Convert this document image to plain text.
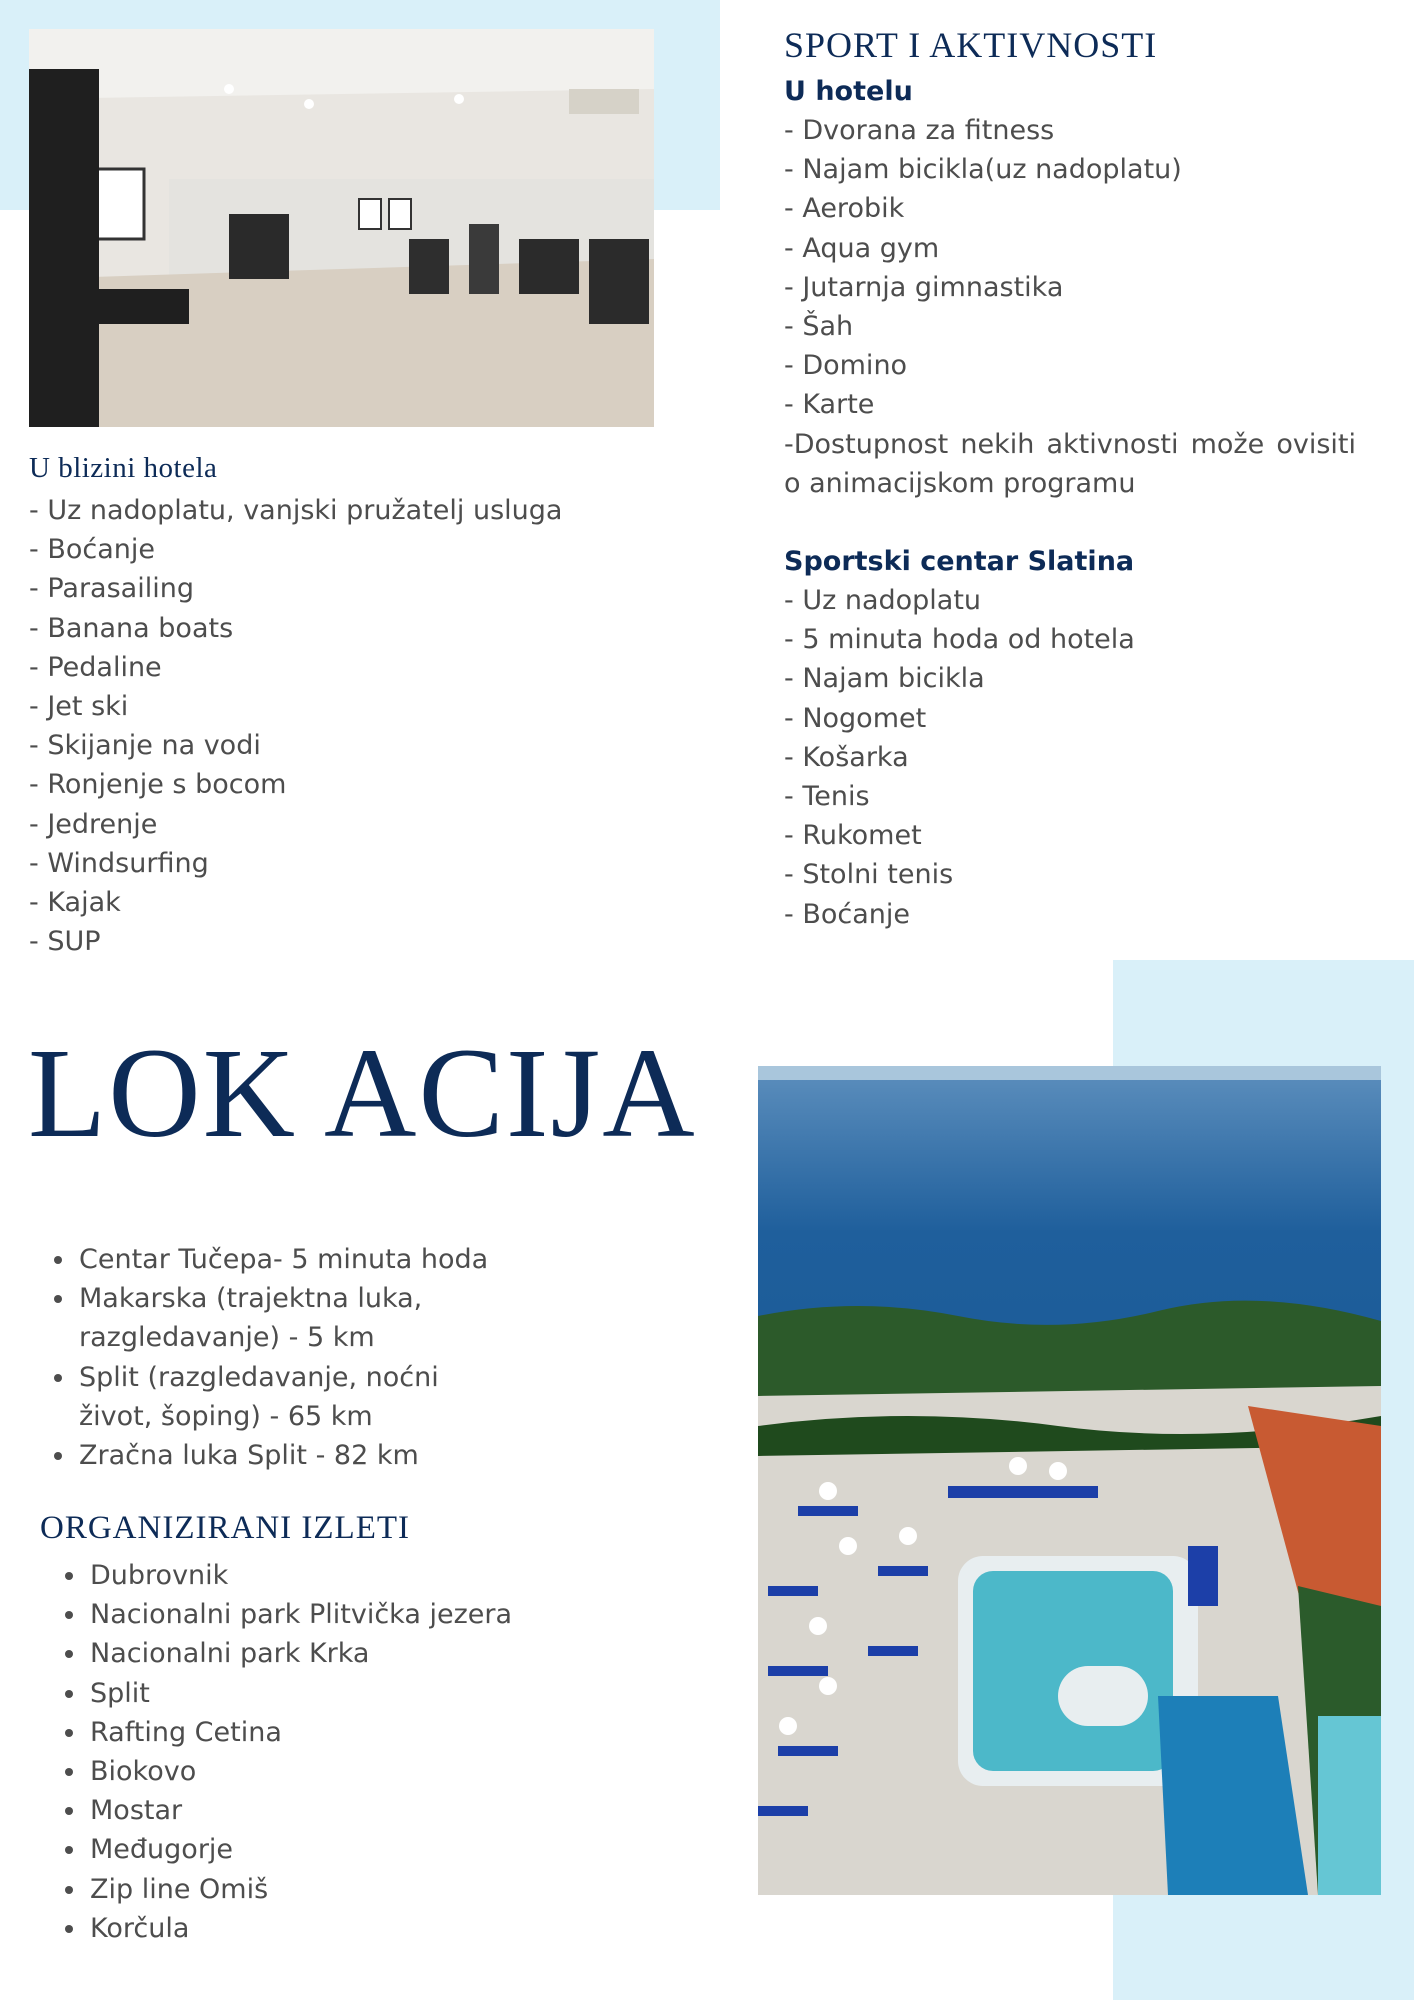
SPORT I AKTIVNOSTI
U hotelu
- Dvorana za fitness
- Najam bicikla(uz nadoplatu)
- Aerobik
- Aqua gym
- Jutarnja gimnastika
- Šah
- Domino
- Karte

-Dostupnost nekih aktivnosti može ovisiti o animacijskom programu

Sportski centar Slatina
- Uz nadoplatu
- 5 minuta hoda od hotela
- Najam bicikla
- Nogomet
- Košarka
- Tenis
- Rukomet
- Stolni tenis
- Boćanje
U blizini hotela
- Uz nadoplatu, vanjski pružatelj usluga
- Boćanje
- Parasailing
- Banana boats
- Pedaline
- Jet ski
- Skijanje na vodi
- Ronjenje s bocom
- Jedrenje
- Windsurfing
- Kajak
- SUP
LOK ACIJA
• Centar Tučepa- 5 minuta hoda
• Makarska (trajektna luka, razgledavanje) - 5 km
• Split (razgledavanje, noćni život, šoping) - 65 km
• Zračna luka Split - 82 km
ORGANIZIRANI IZLETI
• Dubrovnik
• Nacionalni park Plitvička jezera
• Nacionalni park Krka
• Split
• Rafting Cetina
• Biokovo
• Mostar
• Međugorje
• Zip line Omiš
• Korčula
